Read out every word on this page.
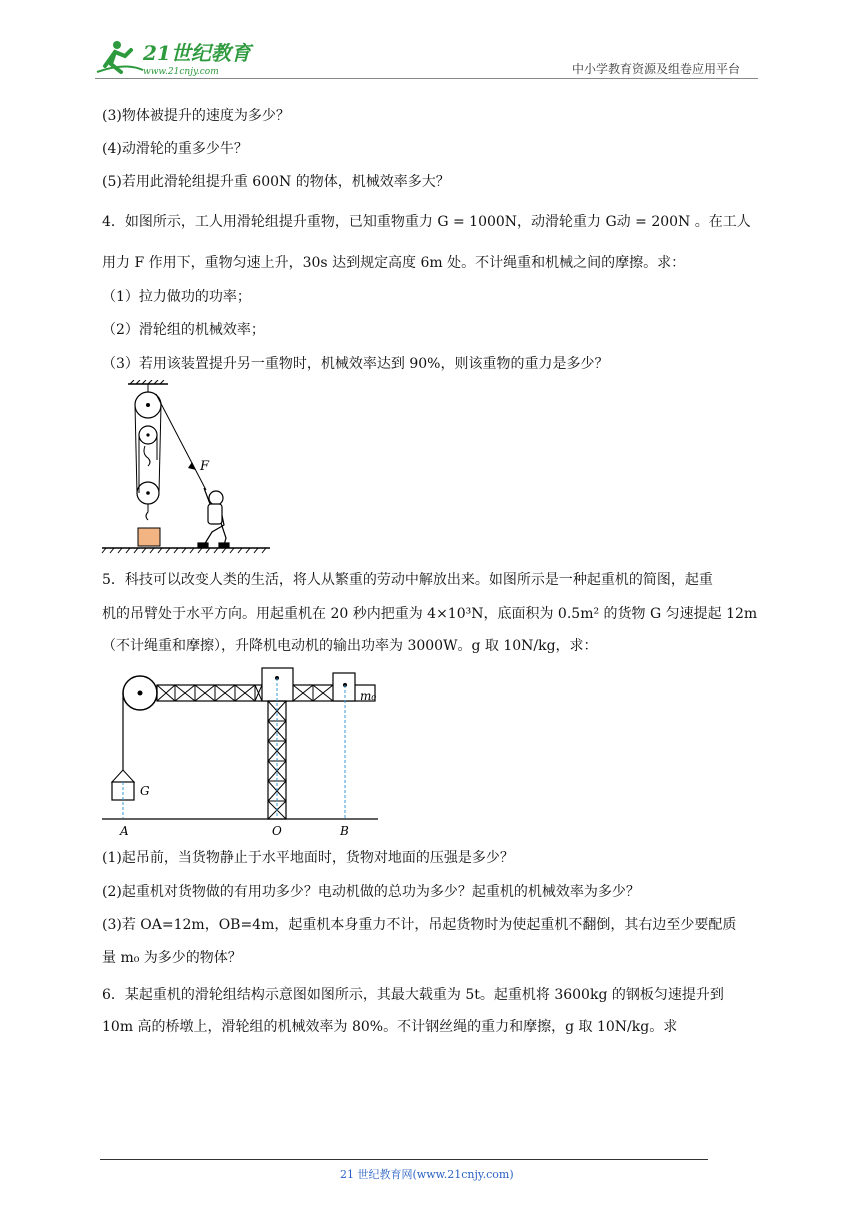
21世纪教育
www.21cnjy.com	中小学教育资源及组卷应用平台
(3)物体被提升的速度为多少？
(4)动滑轮的重多少牛？
(5)若用此滑轮组提升重 600N 的物体，机械效率多大？
4．如图所示，工人用滑轮组提升重物，已知重物重力 G = 1000N，动滑轮重力 G动 = 200N 。在工人
用力 F 作用下，重物匀速上升，30s 达到规定高度 6m 处。不计绳重和机械之间的摩擦。求：
（1）拉力做功的功率；
（2）滑轮组的机械效率；
（3）若用该装置提升另一重物时，机械效率达到 90%，则该重物的重力是多少？
F
5．科技可以改变人类的生活，将人从繁重的劳动中解放出来。如图所示是一种起重机的简图，起重
机的吊臂处于水平方向。用起重机在 20 秒内把重为 4×10³N，底面积为 0.5m² 的货物 G 匀速提起 12m
（不计绳重和摩擦），升降机电动机的输出功率为 3000W。g 取 10N/kg，求：
m₀
G
A	O	B
(1)起吊前，当货物静止于水平地面时，货物对地面的压强是多少？
(2)起重机对货物做的有用功多少？电动机做的总功为多少？起重机的机械效率为多少？
(3)若 OA=12m，OB=4m，起重机本身重力不计，吊起货物时为使起重机不翻倒，其右边至少要配质
量 m₀ 为多少的物体？
6．某起重机的滑轮组结构示意图如图所示，其最大载重为 5t。起重机将 3600kg 的钢板匀速提升到
10m 高的桥墩上，滑轮组的机械效率为 80%。不计钢丝绳的重力和摩擦，g 取 10N/kg。求
21 世纪教育网(www.21cnjy.com)
